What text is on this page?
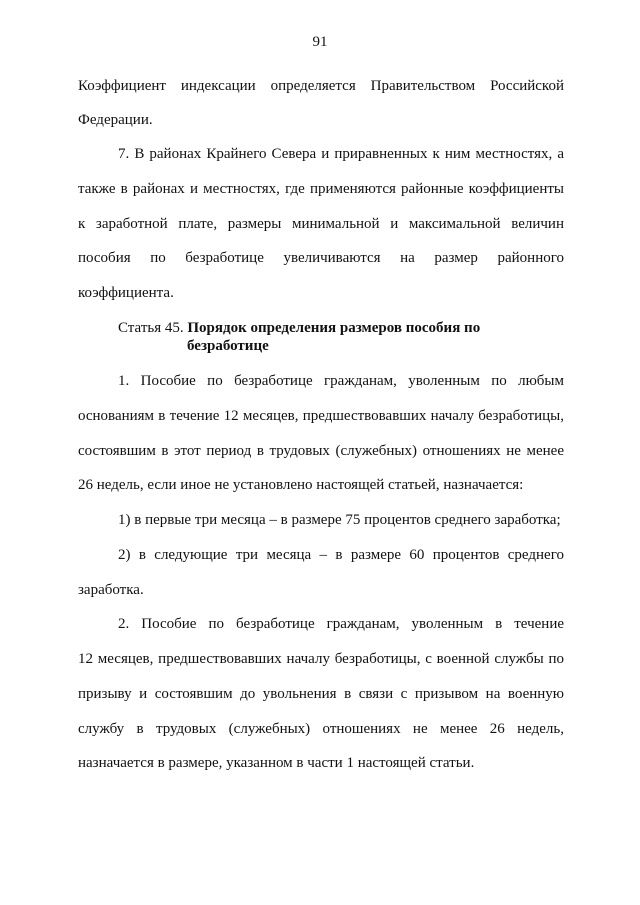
91
Коэффициент индексации определяется Правительством Российской
Федерации.
7. В районах Крайнего Севера и приравненных к ним местностях, а
также в районах и местностях, где применяются районные коэффициенты
к заработной плате, размеры минимальной и максимальной величин
пособия по безработице увеличиваются на размер районного
коэффициента.
Статья 45. Порядок определения размеров пособия по
безработице
1. Пособие по безработице гражданам, уволенным по любым
основаниям в течение 12 месяцев, предшествовавших началу безработицы,
состоявшим в этот период в трудовых (служебных) отношениях не менее
26 недель, если иное не установлено настоящей статьей, назначается:
1) в первые три месяца – в размере 75 процентов среднего заработка;
2) в следующие три месяца – в размере 60 процентов среднего
заработка.
2. Пособие по безработице гражданам, уволенным в течение
12 месяцев, предшествовавших началу безработицы, с военной службы по
призыву и состоявшим до увольнения в связи с призывом на военную
службу в трудовых (служебных) отношениях не менее 26 недель,
назначается в размере, указанном в части 1 настоящей статьи.
